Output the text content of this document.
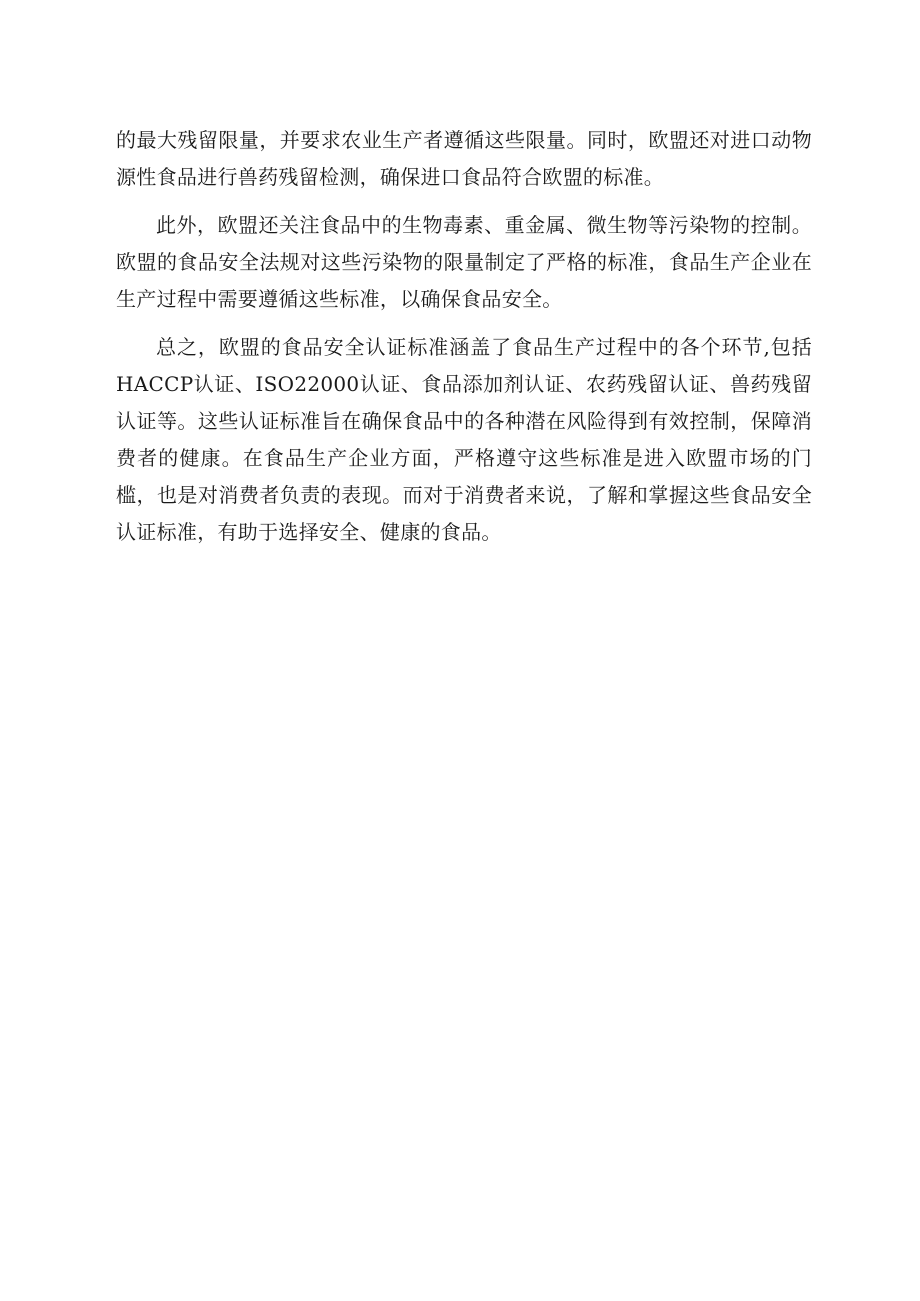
的最大残留限量，并要求农业生产者遵循这些限量。同时，欧盟还对进口动物源性食品进行兽药残留检测，确保进口食品符合欧盟的标准。

此外，欧盟还关注食品中的生物毒素、重金属、微生物等污染物的控制。欧盟的食品安全法规对这些污染物的限量制定了严格的标准，食品生产企业在生产过程中需要遵循这些标准，以确保食品安全。

总之，欧盟的食品安全认证标准涵盖了食品生产过程中的各个环节,包括HACCP认证、ISO22000认证、食品添加剂认证、农药残留认证、兽药残留认证等。这些认证标准旨在确保食品中的各种潜在风险得到有效控制，保障消费者的健康。在食品生产企业方面，严格遵守这些标准是进入欧盟市场的门槛，也是对消费者负责的表现。而对于消费者来说，了解和掌握这些食品安全认证标准，有助于选择安全、健康的食品。
